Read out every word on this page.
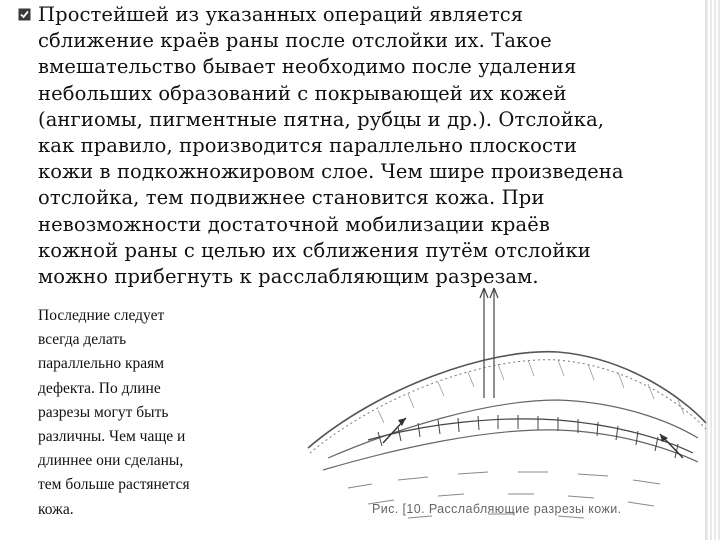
Простейшей из указанных операций является
сближение краёв раны после отслойки их. Такое
вмешательство бывает необходимо после удаления
небольших образований с покрывающей их кожей
(ангиомы, пигментные пятна, рубцы и др.). Отслойка,
как правило, производится параллельно плоскости
кожи в подкожножировом слое. Чем шире произведена
отслойка, тем подвижнее становится кожа. При
невозможности достаточной мобилизации краёв
кожной раны с целью их сближения путём отслойки
можно прибегнуть к расслабляющим разрезам.
Последние следует
всегда делать
параллельно краям
дефекта. По длине
разрезы могут быть
различны. Чем чаще и
длиннее они сделаны,
тем больше растянется
кожа.	Рис. [10. Расслабляющие разрезы кожи.
